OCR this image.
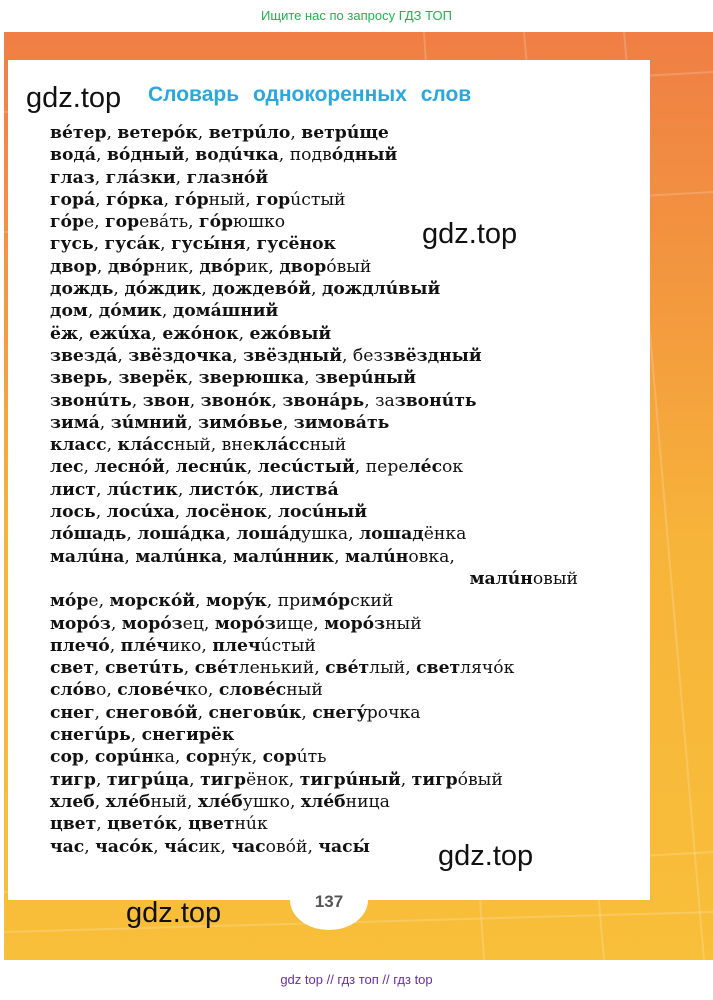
Ищите нас по запросу ГДЗ ТОП
137
gdz.top
gdz.top
gdz.top
gdz.top
Словарь однокоренных слов
вéтер, ветерóк, ветрúло, ветрúще
водá, вóдный, водúчка, подвóдный
глаз, глáзки, глазнóй
горá, гóрка, гóрный, горúстый
гóре, горевáть, гóрюшко
гусь, гусáк, гусы́ня, гусёнок
двор, двóрник, двóрик, дворóвый
дождь, дóждик, дождевóй, дождлúвый
дом, дóмик, домáшний
ёж, ежúха, ежóнок, ежóвый
звездá, звёздочка, звёздный, беззвёздный
зверь, зверёк, зверюшка, зверúный
звонúть, звон, звонóк, звонáрь, зазвонúть
зимá, зúмний, зимóвье, зимовáть
класс, клáссный, внеклáссный
лес, леснóй, леснúк, лесúстый, перелéсок
лист, лúстик, листóк, листвá
лось, лосúха, лосёнок, лосúный
лóшадь, лошáдка, лошáдушка, лошадёнка
малúна, малúнка, малúнник, малúновка,
малúновый
мóре, морскóй, морýк, примóрский
морóз, морóзец, морóзище, морóзный
плечó, плéчико, плечúстый
свет, светúть, свéтленький, свéтлый, светлячóк
слóво, словéчко, словéсный
снег, снеговóй, снеговúк, снегýрочка
снегúрь, снегирёк
сор, сорúнка, сорнýк, сорúть
тигр, тигрúца, тигрёнок, тигрúный, тигрóвый
хлеб, хлéбный, хлéбушко, хлéбница
цвет, цветóк, цветнúк
час, часóк, чáсик, часовóй, часы́
gdz top // гдз топ // гдз top
